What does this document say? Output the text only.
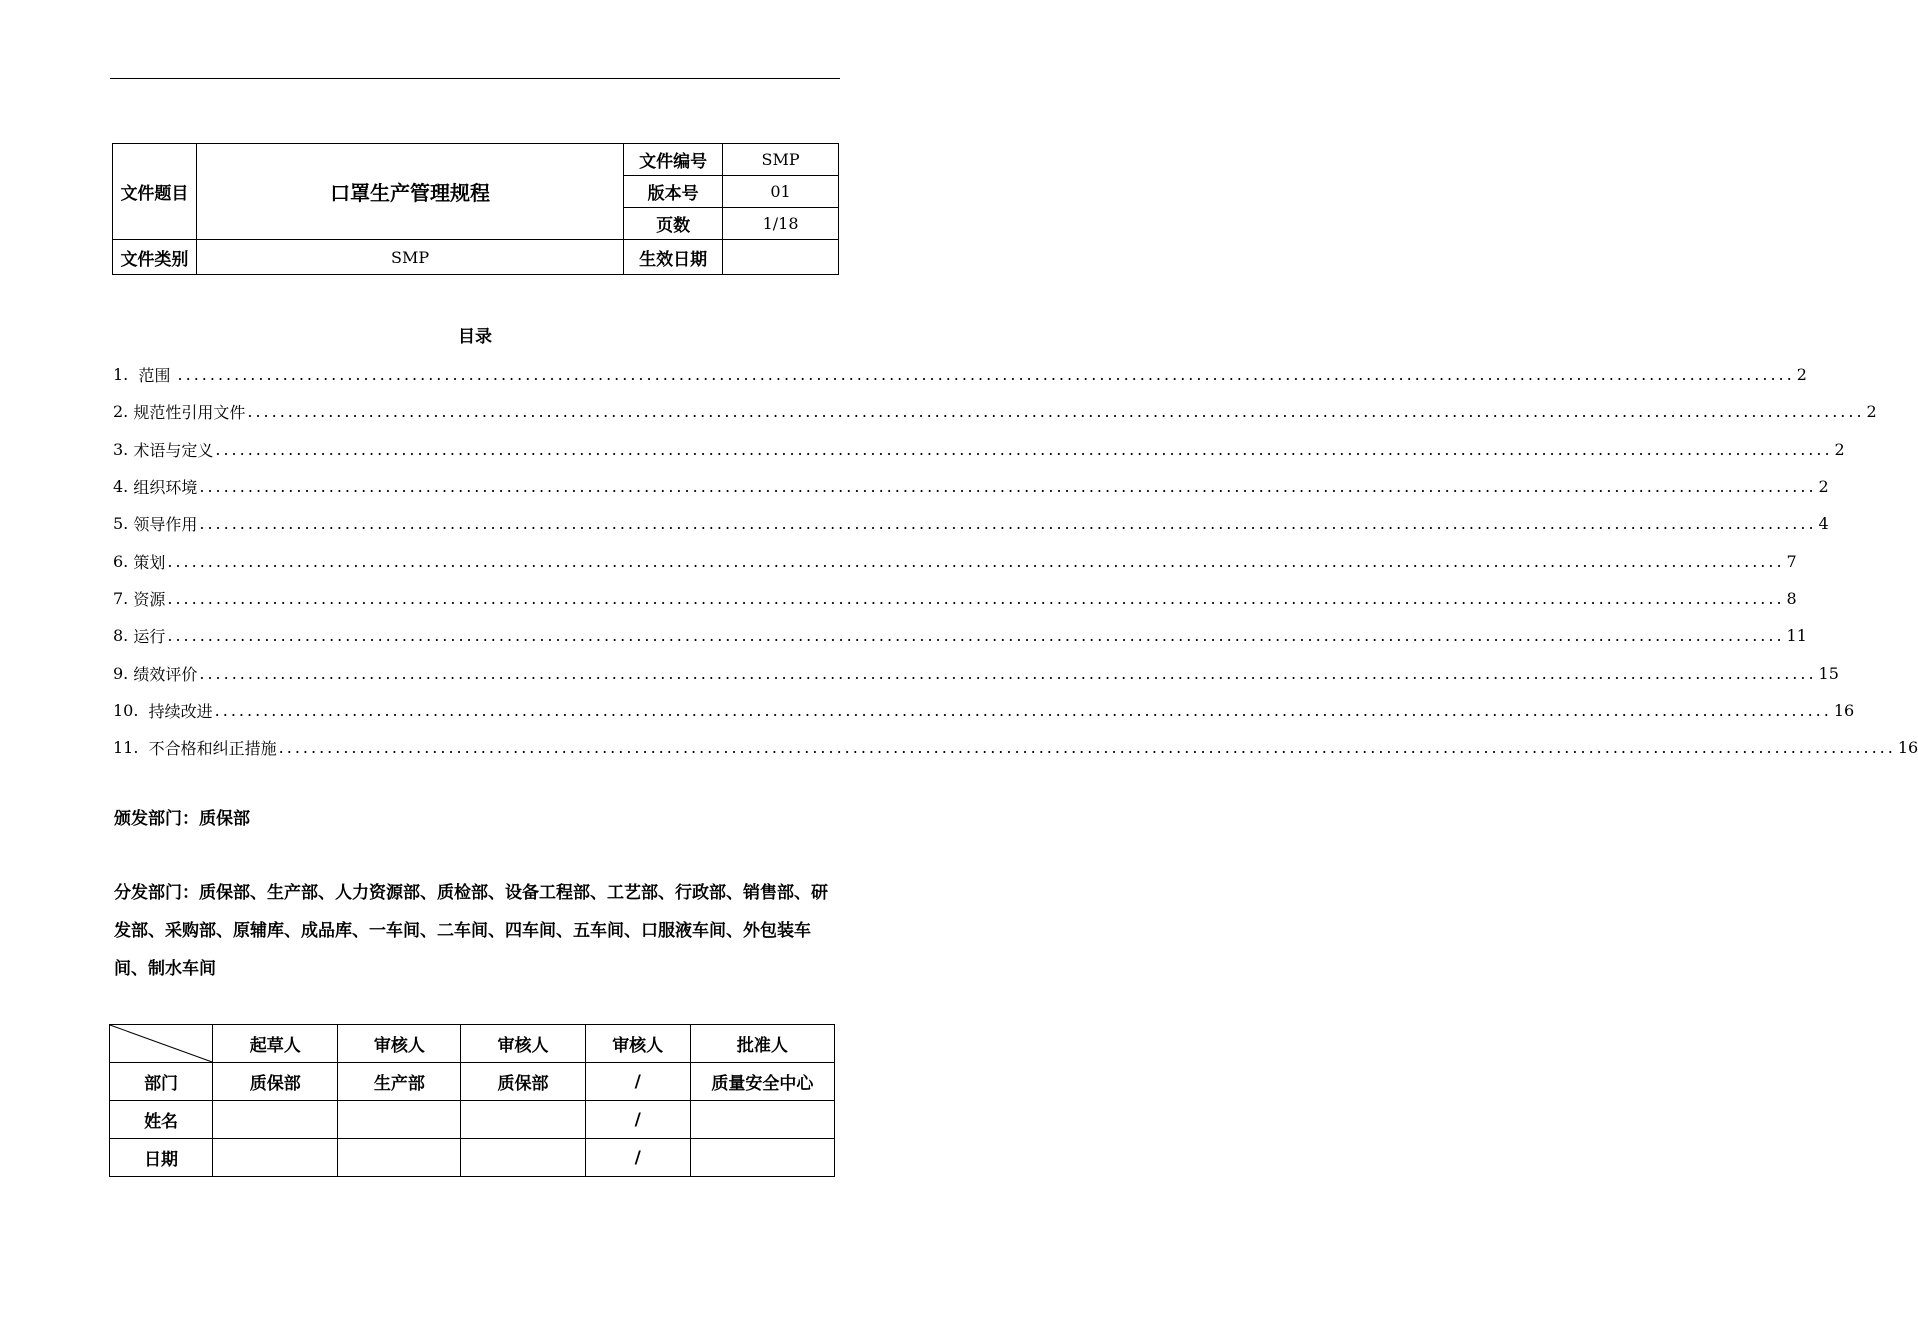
文件题目	口罩生产管理规程	文件编号	SMP
		版本号	01
		页数	1/18
文件类别	SMP	生效日期	
目录
1. 范围 ........................................................................................................................................................................................................ 2
2. 规范性引用文件 ........................................................................................................................................................................................................ 2
3. 术语与定义 ........................................................................................................................................................................................................ 2
4. 组织环境 ........................................................................................................................................................................................................ 2
5. 领导作用 ........................................................................................................................................................................................................ 4
6. 策划 ........................................................................................................................................................................................................ 7
7. 资源 ........................................................................................................................................................................................................ 8
8. 运行 ........................................................................................................................................................................................................ 11
9. 绩效评价 ........................................................................................................................................................................................................ 15
10. 持续改进 ........................................................................................................................................................................................................ 16
11. 不合格和纠正措施 ........................................................................................................................................................................................................ 16
颁发部门：质保部
分发部门：质保部、生产部、人力资源部、质检部、设备工程部、工艺部、行政部、销售部、研发部、采购部、原辅库、成品库、一车间、二车间、四车间、五车间、口服液车间、外包装车间、制水车间
	起草人	审核人	审核人	审核人	批准人
部门	质保部	生产部	质保部	/	质量安全中心
姓名				/	
日期				/	
